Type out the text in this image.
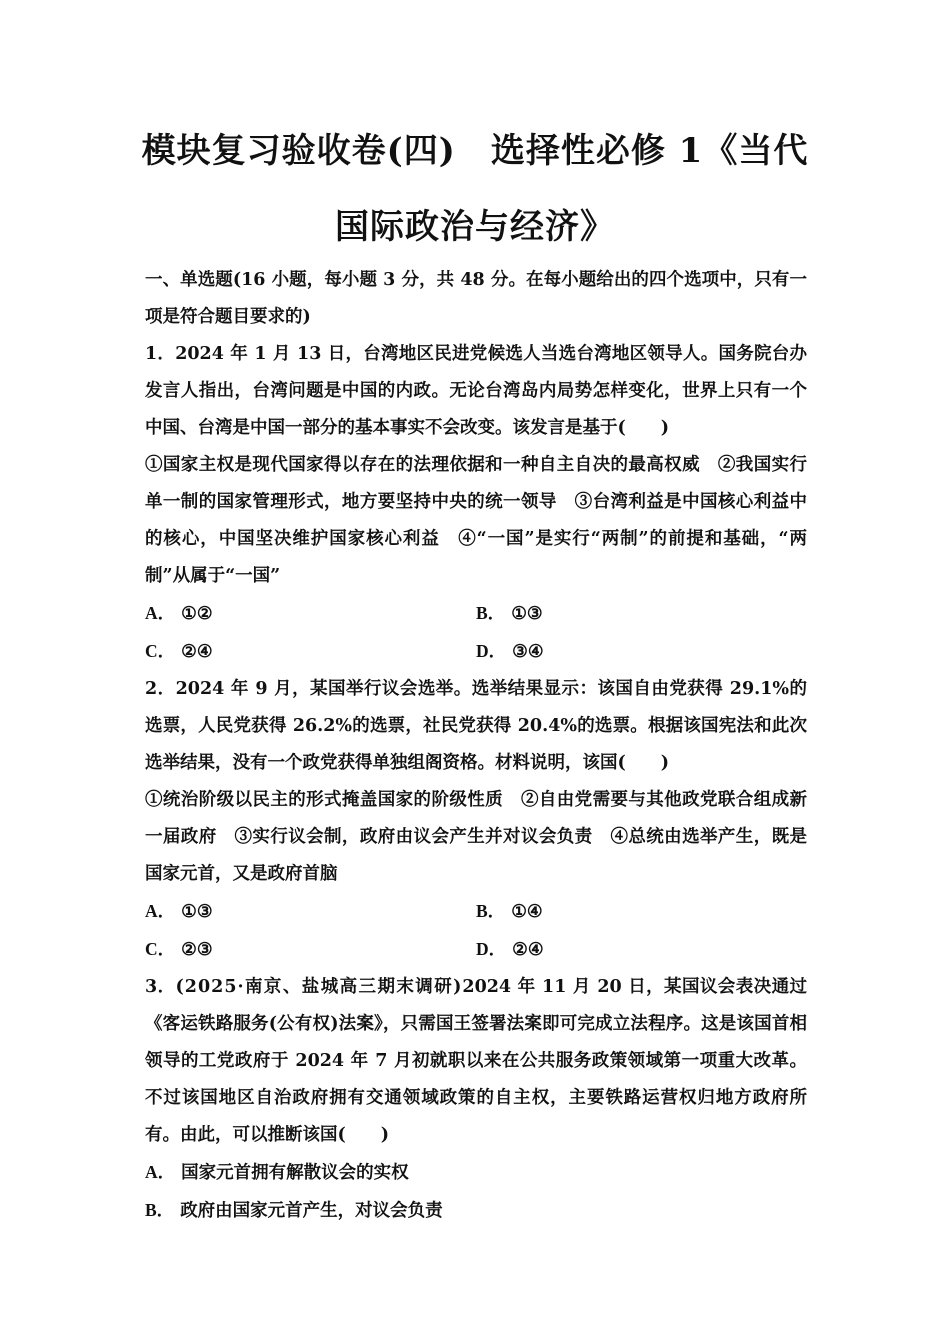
模块复习验收卷(四)　选择性必修 1《当代
国际政治与经济》

一、单选题(16 小题，每小题 3 分，共 48 分。在每小题给出的四个选项中，只有一项是符合题目要求的)

1．2024 年 1 月 13 日，台湾地区民进党候选人当选台湾地区领导人。国务院台办发言人指出，台湾问题是中国的内政。无论台湾岛内局势怎样变化，世界上只有一个中国、台湾是中国一部分的基本事实不会改变。该发言是基于(　　)

①国家主权是现代国家得以存在的法理依据和一种自主自决的最高权威　②我国实行单一制的国家管理形式，地方要坚持中央的统一领导　③台湾利益是中国核心利益中的核心，中国坚决维护国家核心利益　④“一国”是实行“两制”的前提和基础，“两制”从属于“一国”

A． ①②	B． ①③
C． ②④	D． ③④

2．2024 年 9 月，某国举行议会选举。选举结果显示：该国自由党获得 29.1%的选票，人民党获得 26.2%的选票，社民党获得 20.4%的选票。根据该国宪法和此次选举结果，没有一个政党获得单独组阁资格。材料说明，该国(　　)

①统治阶级以民主的形式掩盖国家的阶级性质　②自由党需要与其他政党联合组成新一届政府　③实行议会制，政府由议会产生并对议会负责　④总统由选举产生，既是国家元首，又是政府首脑

A． ①③	B． ①④
C． ②③	D． ②④

3．(2025·南京、盐城高三期末调研)2024 年 11 月 20 日，某国议会表决通过《客运铁路服务(公有权)法案》，只需国王签署法案即可完成立法程序。这是该国首相领导的工党政府于 2024 年 7 月初就职以来在公共服务政策领域第一项重大改革。不过该国地区自治政府拥有交通领域政策的自主权，主要铁路运营权归地方政府所有。由此，可以推断该国(　　)

A． 国家元首拥有解散议会的实权
B． 政府由国家元首产生，对议会负责
